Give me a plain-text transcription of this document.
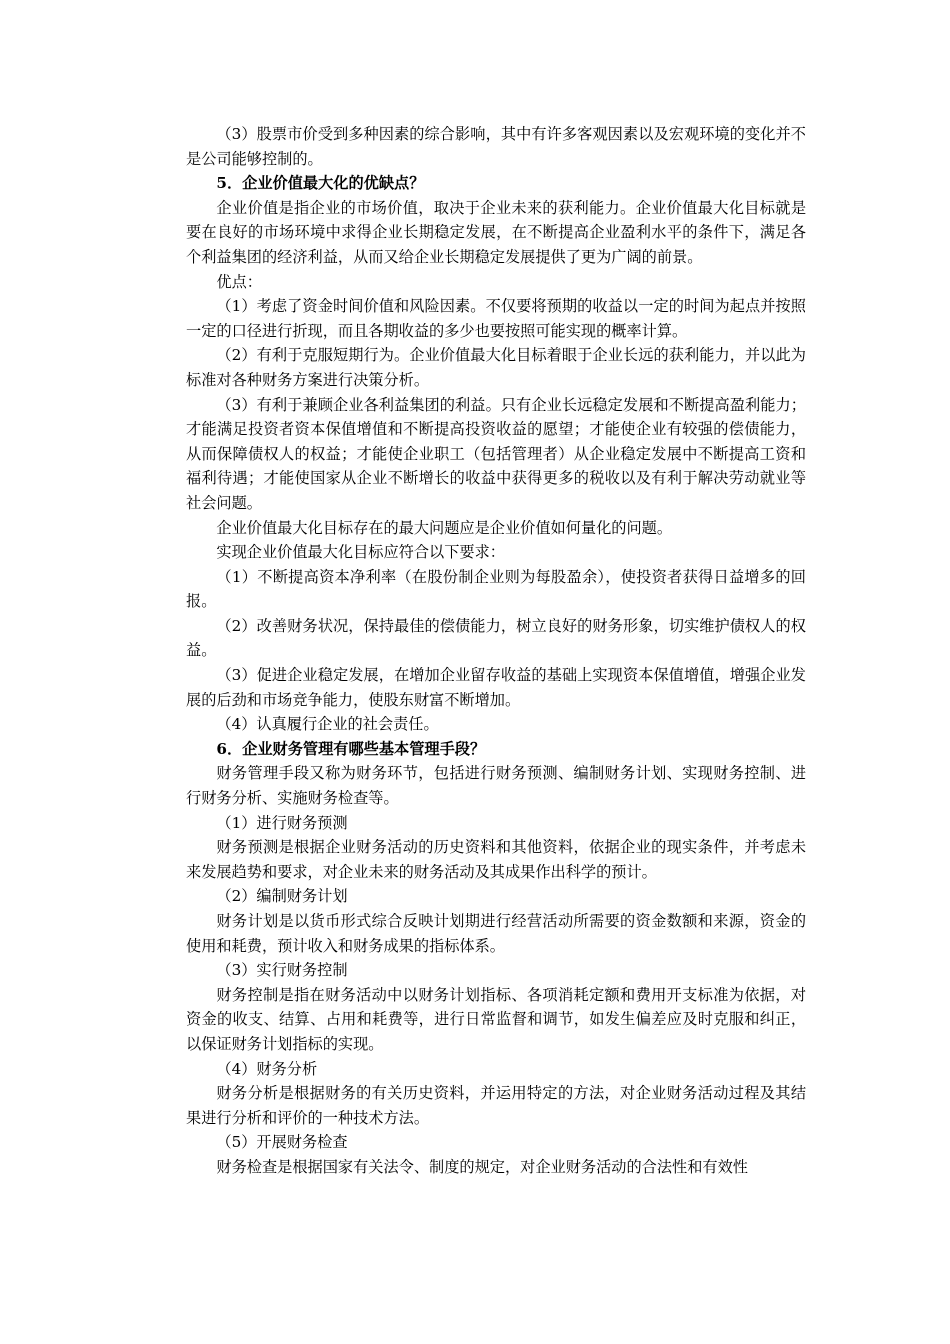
（3）股票市价受到多种因素的综合影响，其中有许多客观因素以及宏观环境的变化并不是公司能够控制的。

5．企业价值最大化的优缺点？

企业价值是指企业的市场价值，取决于企业未来的获利能力。企业价值最大化目标就是要在良好的市场环境中求得企业长期稳定发展，在不断提高企业盈利水平的条件下，满足各个利益集团的经济利益，从而又给企业长期稳定发展提供了更为广阔的前景。

优点：

（1）考虑了资金时间价值和风险因素。不仅要将预期的收益以一定的时间为起点并按照一定的口径进行折现，而且各期收益的多少也要按照可能实现的概率计算。

（2）有利于克服短期行为。企业价值最大化目标着眼于企业长远的获利能力，并以此为标准对各种财务方案进行决策分析。

（3）有利于兼顾企业各利益集团的利益。只有企业长远稳定发展和不断提高盈利能力；才能满足投资者资本保值增值和不断提高投资收益的愿望；才能使企业有较强的偿债能力，从而保障债权人的权益；才能使企业职工（包括管理者）从企业稳定发展中不断提高工资和福利待遇；才能使国家从企业不断增长的收益中获得更多的税收以及有利于解决劳动就业等社会问题。

企业价值最大化目标存在的最大问题应是企业价值如何量化的问题。

实现企业价值最大化目标应符合以下要求：

（1）不断提高资本净利率（在股份制企业则为每股盈余），使投资者获得日益增多的回报。

（2）改善财务状况，保持最佳的偿债能力，树立良好的财务形象，切实维护债权人的权益。

（3）促进企业稳定发展，在增加企业留存收益的基础上实现资本保值增值，增强企业发展的后劲和市场竞争能力，使股东财富不断增加。

（4）认真履行企业的社会责任。

6．企业财务管理有哪些基本管理手段？

财务管理手段又称为财务环节，包括进行财务预测、编制财务计划、实现财务控制、进行财务分析、实施财务检查等。

（1）进行财务预测

财务预测是根据企业财务活动的历史资料和其他资料，依据企业的现实条件，并考虑未来发展趋势和要求，对企业未来的财务活动及其成果作出科学的预计。

（2）编制财务计划

财务计划是以货币形式综合反映计划期进行经营活动所需要的资金数额和来源，资金的使用和耗费，预计收入和财务成果的指标体系。

（3）实行财务控制

财务控制是指在财务活动中以财务计划指标、各项消耗定额和费用开支标准为依据，对资金的收支、结算、占用和耗费等，进行日常监督和调节，如发生偏差应及时克服和纠正，以保证财务计划指标的实现。

（4）财务分析

财务分析是根据财务的有关历史资料，并运用特定的方法，对企业财务活动过程及其结果进行分析和评价的一种技术方法。

（5）开展财务检查

财务检查是根据国家有关法令、制度的规定，对企业财务活动的合法性和有效性
